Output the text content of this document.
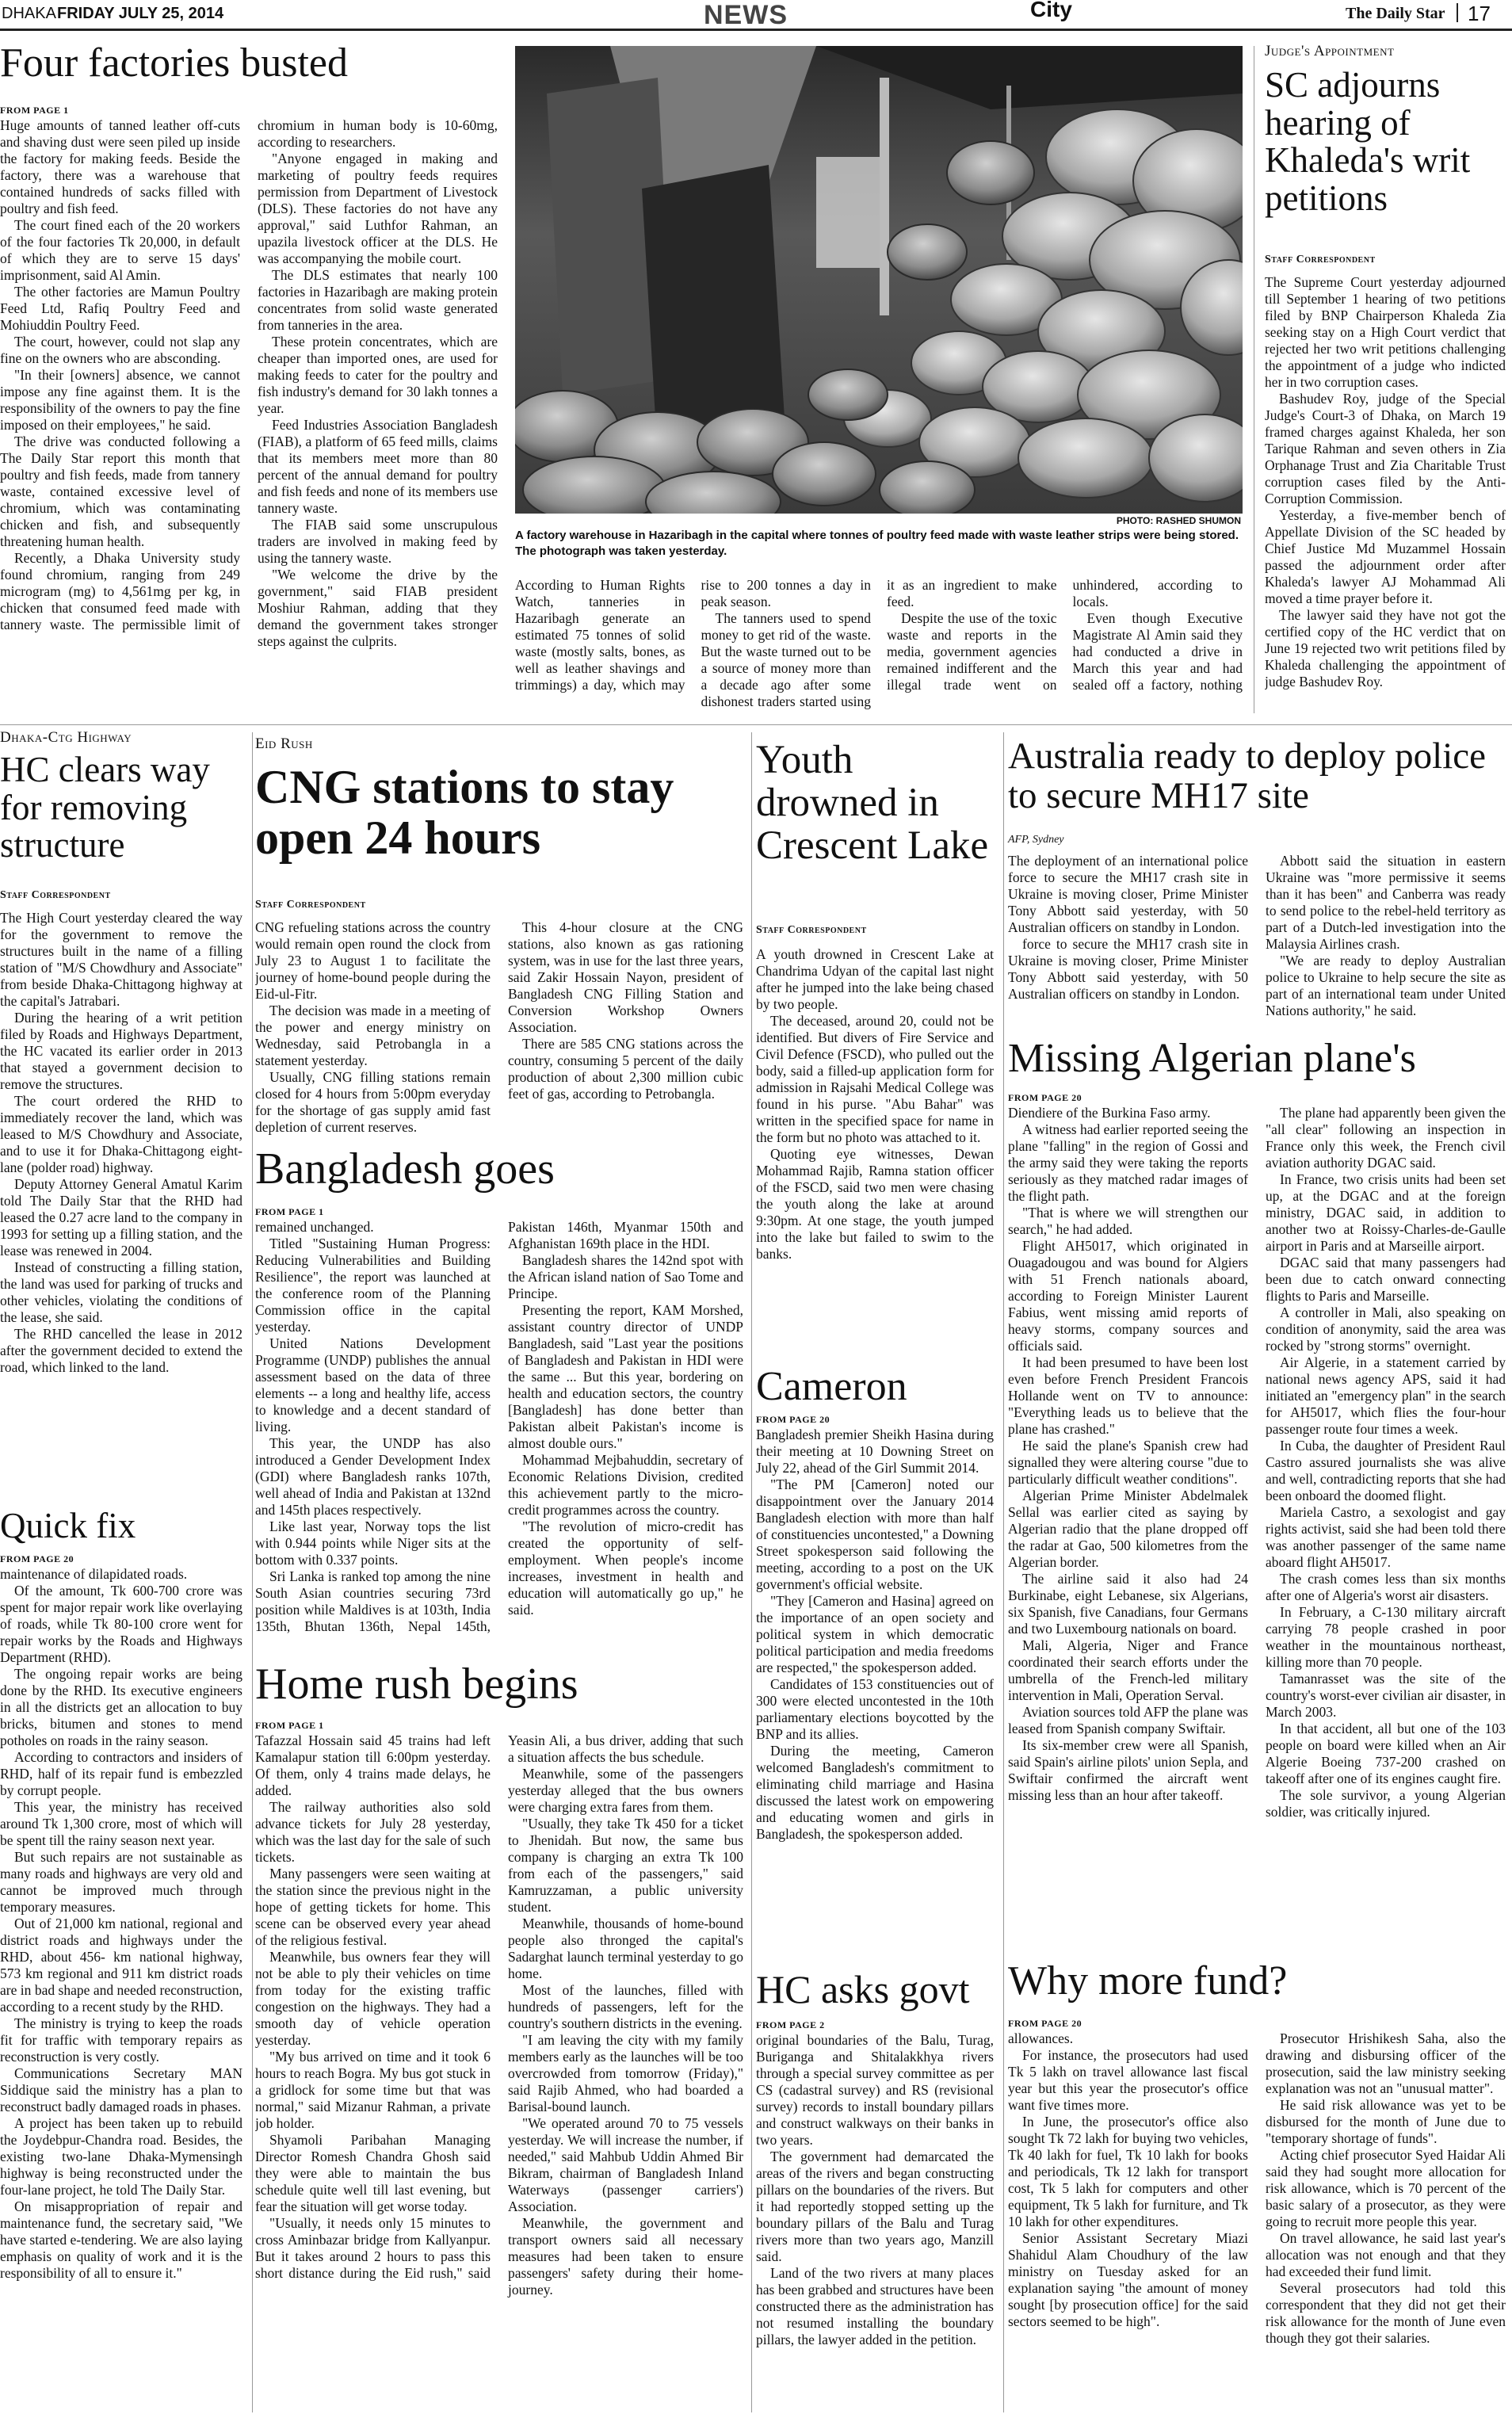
DHAKA FRIDAY JULY 25, 2014	NEWS	City	The Daily Star 17
Four factories busted
FROM PAGE 1

Huge amounts of tanned leather off-cuts and shaving dust were seen piled up inside the factory for making feeds. Beside the factory, there was a warehouse that contained hundreds of sacks filled with poultry and fish feed.

The court fined each of the 20 workers of the four factories Tk 20,000, in default of which they are to serve 15 days' imprisonment, said Al Amin.

The other factories are Mamun Poultry Feed Ltd, Rafiq Poultry Feed and Mohiuddin Poultry Feed.

The court, however, could not slap any fine on the owners who are absconding.

"In their [owners] absence, we cannot impose any fine against them. It is the responsibility of the owners to pay the fine imposed on their employees," he said.

The drive was conducted following a The Daily Star report this month that poultry and fish feeds, made from tannery waste, contained excessive level of chromium, which was contaminating chicken and fish, and subsequently threatening human health.

Recently, a Dhaka University study found chromium, ranging from 249 microgram (mg) to 4,561mg per kg, in chicken that consumed feed made with tannery waste. The permissible limit of chromium in human body is 10-60mg, according to researchers.

"Anyone engaged in making and marketing of poultry feeds requires permission from Department of Livestock (DLS). These factories do not have any approval," said Luthfor Rahman, an upazila livestock officer at the DLS. He was accompanying the mobile court.

The DLS estimates that nearly 100 factories in Hazaribagh are making protein concentrates from solid waste generated from tanneries in the area.

These protein concentrates, which are cheaper than imported ones, are used for making feeds to cater for the poultry and fish industry's demand for 30 lakh tonnes a year.

Feed Industries Association Bangladesh (FIAB), a platform of 65 feed mills, claims that its members meet more than 80 percent of the annual demand for poultry and fish feeds and none of its members use tannery waste.

The FIAB said some unscrupulous traders are involved in making feed by using the tannery waste.

"We welcome the drive by the government," said FIAB president Moshiur Rahman, adding that they demand the government takes stronger steps against the culprits.

PHOTO: RASHED SHUMON
A factory warehouse in Hazaribagh in the capital where tonnes of poultry feed made with waste leather strips were being stored. The photograph was taken yesterday.

According to Human Rights Watch, tanneries in Hazaribagh generate an estimated 75 tonnes of solid waste (mostly salts, bones, as well as leather shavings and trimmings) a day, which may rise to 200 tonnes a day in peak season.

The tanners used to spend money to get rid of the waste. But the waste turned out to be a source of money more than a decade ago after some dishonest traders started using it as an ingredient to make feed.

Despite the use of the toxic waste and reports in the media, government agencies remained indifferent and the illegal trade went on unhindered, according to locals.

Even though Executive Magistrate Al Amin said they had conducted a drive in March this year and had sealed off a factory, nothing

Judge's Appointment
SC adjourns hearing of Khaleda's writ petitions
Staff Correspondent

The Supreme Court yesterday adjourned till September 1 hearing of two petitions filed by BNP Chairperson Khaleda Zia seeking stay on a High Court verdict that rejected her two writ petitions challenging the appointment of a judge who indicted her in two corruption cases.

Bashudev Roy, judge of the Special Judge's Court-3 of Dhaka, on March 19 framed charges against Khaleda, her son Tarique Rahman and seven others in Zia Orphanage Trust and Zia Charitable Trust corruption cases filed by the Anti-Corruption Commission.

Yesterday, a five-member bench of Appellate Division of the SC headed by Chief Justice Md Muzammel Hossain passed the adjournment order after Khaleda's lawyer AJ Mohammad Ali moved a time prayer before it.

The lawyer said they have not got the certified copy of the HC verdict that on June 19 rejected two writ petitions filed by Khaleda challenging the appointment of judge Bashudev Roy.

Dhaka-Ctg Highway
HC clears way for removing structure
Staff Correspondent

The High Court yesterday cleared the way for the government to remove the structures built in the name of a filling station of "M/S Chowdhury and Associate" from beside Dhaka-Chittagong highway at the capital's Jatrabari.

During the hearing of a writ petition filed by Roads and Highways Department, the HC vacated its earlier order in 2013 that stayed a government decision to remove the structures.

The court ordered the RHD to immediately recover the land, which was leased to M/S Chowdhury and Associate, and to use it for Dhaka-Chittagong eight-lane (polder road) highway.

Deputy Attorney General Amatul Karim told The Daily Star that the RHD had leased the 0.27 acre land to the company in 1993 for setting up a filling station, and the lease was renewed in 2004.

Instead of constructing a filling station, the land was used for parking of trucks and other vehicles, violating the conditions of the lease, she said.

The RHD cancelled the lease in 2012 after the government decided to extend the road, which linked to the land.

Quick fix
FROM PAGE 20

maintenance of dilapidated roads.

Of the amount, Tk 600-700 crore was spent for major repair work like overlaying of roads, while Tk 80-100 crore went for repair works by the Roads and Highways Department (RHD).

The ongoing repair works are being done by the RHD. Its executive engineers in all the districts get an allocation to buy bricks, bitumen and stones to mend potholes on roads in the rainy season.

According to contractors and insiders of RHD, half of its repair fund is embezzled by corrupt people.

This year, the ministry has received around Tk 1,300 crore, most of which will be spent till the rainy season next year.

But such repairs are not sustainable as many roads and highways are very old and cannot be improved much through temporary measures.

Out of 21,000 km national, regional and district roads and highways under the RHD, about 456- km national highway, 573 km regional and 911 km district roads are in bad shape and needed reconstruction, according to a recent study by the RHD.

The ministry is trying to keep the roads fit for traffic with temporary repairs as reconstruction is very costly.

Communications Secretary MAN Siddique said the ministry has a plan to reconstruct badly damaged roads in phases.

A project has been taken up to rebuild the Joydebpur-Chandra road. Besides, the existing two-lane Dhaka-Mymensingh highway is being reconstructed under the four-lane project, he told The Daily Star.

On misappropriation of repair and maintenance fund, the secretary said, "We have started e-tendering. We are also laying emphasis on quality of work and it is the responsibility of all to ensure it."

Eid Rush
CNG stations to stay open 24 hours
Staff Correspondent

CNG refueling stations across the country would remain open round the clock from July 23 to August 1 to facilitate the journey of home-bound people during the Eid-ul-Fitr.

The decision was made in a meeting of the power and energy ministry on Wednesday, said Petrobangla in a statement yesterday.

Usually, CNG filling stations remain closed for 4 hours from 5:00pm everyday for the shortage of gas supply amid fast depletion of current reserves.

This 4-hour closure at the CNG stations, also known as gas rationing system, was in use for the last three years, said Zakir Hossain Nayon, president of Bangladesh CNG Filling Station and Conversion Workshop Owners Association.

There are 585 CNG stations across the country, consuming 5 percent of the daily production of about 2,300 million cubic feet of gas, according to Petrobangla.

Bangladesh goes
FROM PAGE 1

remained unchanged.

Titled "Sustaining Human Progress: Reducing Vulnerabilities and Building Resilience", the report was launched at the conference room of the Planning Commission office in the capital yesterday.

United Nations Development Programme (UNDP) publishes the annual assessment based on the data of three elements -- a long and healthy life, access to knowledge and a decent standard of living.

This year, the UNDP has also introduced a Gender Development Index (GDI) where Bangladesh ranks 107th, well ahead of India and Pakistan at 132nd and 145th places respectively.

Like last year, Norway tops the list with 0.944 points while Niger sits at the bottom with 0.337 points.

Sri Lanka is ranked top among the nine South Asian countries securing 73rd position while Maldives is at 103th, India 135th, Bhutan 136th, Nepal 145th, Pakistan 146th, Myanmar 150th and Afghanistan 169th place in the HDI.

Bangladesh shares the 142nd spot with the African island nation of Sao Tome and Principe.

Presenting the report, KAM Morshed, assistant country director of UNDP Bangladesh, said "Last year the positions of Bangladesh and Pakistan in HDI were the same ... But this year, bordering on health and education sectors, the country [Bangladesh] has done better than Pakistan albeit Pakistan's income is almost double ours."

Mohammad Mejbahuddin, secretary of Economic Relations Division, credited this achievement partly to the micro-credit programmes across the country.

"The revolution of micro-credit has created the opportunity of self-employment. When people's income increases, investment in health and education will automatically go up," he said.

Home rush begins
FROM PAGE 1

Tafazzal Hossain said 45 trains had left Kamalapur station till 6:00pm yesterday. Of them, only 4 trains made delays, he added.

The railway authorities also sold advance tickets for July 28 yesterday, which was the last day for the sale of such tickets.

Many passengers were seen waiting at the station since the previous night in the hope of getting tickets for home. This scene can be observed every year ahead of the religious festival.

Meanwhile, bus owners fear they will not be able to ply their vehicles on time from today for the existing traffic congestion on the highways. They had a smooth day of vehicle operation yesterday.

"My bus arrived on time and it took 6 hours to reach Bogra. My bus got stuck in a gridlock for some time but that was normal," said Mizanur Rahman, a private job holder.

Shyamoli Paribahan Managing Director Romesh Chandra Ghosh said they were able to maintain the bus schedule quite well till last evening, but fear the situation will get worse today.

"Usually, it needs only 15 minutes to cross Aminbazar bridge from Kallyanpur. But it takes around 2 hours to pass this short distance during the Eid rush," said Yeasin Ali, a bus driver, adding that such a situation affects the bus schedule.

Meanwhile, some of the passengers yesterday alleged that the bus owners were charging extra fares from them.

"Usually, they take Tk 450 for a ticket to Jhenidah. But now, the same bus company is charging an extra Tk 100 from each of the passengers," said Kamruzzaman, a public university student.

Meanwhile, thousands of home-bound people also thronged the capital's Sadarghat launch terminal yesterday to go home.

Most of the launches, filled with hundreds of passengers, left for the country's southern districts in the evening.

"I am leaving the city with my family members early as the launches will be too overcrowded from tomorrow (Friday)," said Rajib Ahmed, who had boarded a Barisal-bound launch.

"We operated around 70 to 75 vessels yesterday. We will increase the number, if needed," said Mahbub Uddin Ahmed Bir Bikram, chairman of Bangladesh Inland Waterways (passenger carriers') Association.

Meanwhile, the government and transport owners said all necessary measures had been taken to ensure passengers' safety during their home-journey.

Youth drowned in Crescent Lake
Staff Correspondent

A youth drowned in Crescent Lake at Chandrima Udyan of the capital last night after he jumped into the lake being chased by two people.

The deceased, around 20, could not be identified. But divers of Fire Service and Civil Defence (FSCD), who pulled out the body, said a filled-up application form for admission in Rajsahi Medical College was found in his purse. "Abu Bahar" was written in the specified space for name in the form but no photo was attached to it.

Quoting eye witnesses, Dewan Mohammad Rajib, Ramna station officer of the FSCD, said two men were chasing the youth along the lake at around 9:30pm. At one stage, the youth jumped into the lake but failed to swim to the banks.

Cameron
FROM PAGE 20

Bangladesh premier Sheikh Hasina during their meeting at 10 Downing Street on July 22, ahead of the Girl Summit 2014.

"The PM [Cameron] noted our disappointment over the January 2014 Bangladesh election with more than half of constituencies uncontested," a Downing Street spokesperson said following the meeting, according to a post on the UK government's official website.

"They [Cameron and Hasina] agreed on the importance of an open society and political system in which democratic political participation and media freedoms are respected," the spokesperson added.

Candidates of 153 constituencies out of 300 were elected uncontested in the 10th parliamentary elections boycotted by the BNP and its allies.

During the meeting, Cameron welcomed Bangladesh's commitment to eliminating child marriage and Hasina discussed the latest work on empowering and educating women and girls in Bangladesh, the spokesperson added.

HC asks govt
FROM PAGE 2

original boundaries of the Balu, Turag, Buriganga and Shitalakkhya rivers through a special survey committee as per CS (cadastral survey) and RS (revisional survey) records to install boundary pillars and construct walkways on their banks in two years.

The government had demarcated the areas of the rivers and began constructing pillars on the boundaries of the rivers. But it had reportedly stopped setting up the boundary pillars of the Balu and Turag rivers more than two years ago, Manzill said.

Land of the two rivers at many places has been grabbed and structures have been constructed there as the administration has not resumed installing the boundary pillars, the lawyer added in the petition.

Australia ready to deploy police to secure MH17 site
AFP, Sydney

The deployment of an international police force to secure the MH17 crash site in Ukraine is moving closer, Prime Minister Tony Abbott said yesterday, with 50 Australian officers on standby in London.

force to secure the MH17 crash site in Ukraine is moving closer, Prime Minister Tony Abbott said yesterday, with 50 Australian officers on standby in London.

Abbott said the situation in eastern Ukraine was "more permissive it seems than it has been" and Canberra was ready to send police to the rebel-held territory as part of a Dutch-led investigation into the Malaysia Airlines crash.

"We are ready to deploy Australian police to Ukraine to help secure the site as part of an international team under United Nations authority," he said.

Missing Algerian plane's
FROM PAGE 20

Diendiere of the Burkina Faso army.

A witness had earlier reported seeing the plane "falling" in the region of Gossi and the army said they were taking the reports seriously as they matched radar images of the flight path.

"That is where we will strengthen our search," he had added.

Flight AH5017, which originated in Ouagadougou and was bound for Algiers with 51 French nationals aboard, according to Foreign Minister Laurent Fabius, went missing amid reports of heavy storms, company sources and officials said.

It had been presumed to have been lost even before French President Francois Hollande went on TV to announce: "Everything leads us to believe that the plane has crashed."

He said the plane's Spanish crew had signalled they were altering course "due to particularly difficult weather conditions".

Algerian Prime Minister Abdelmalek Sellal was earlier cited as saying by Algerian radio that the plane dropped off the radar at Gao, 500 kilometres from the Algerian border.

The airline said it also had 24 Burkinabe, eight Lebanese, six Algerians, six Spanish, five Canadians, four Germans and two Luxembourg nationals on board.

Mali, Algeria, Niger and France coordinated their search efforts under the umbrella of the French-led military intervention in Mali, Operation Serval.

Aviation sources told AFP the plane was leased from Spanish company Swiftair.

Its six-member crew were all Spanish, said Spain's airline pilots' union Sepla, and Swiftair confirmed the aircraft went missing less than an hour after takeoff.

The plane had apparently been given the "all clear" following an inspection in France only this week, the French civil aviation authority DGAC said.

In France, two crisis units had been set up, at the DGAC and at the foreign ministry, DGAC said, in addition to another two at Roissy-Charles-de-Gaulle airport in Paris and at Marseille airport.

DGAC said that many passengers had been due to catch onward connecting flights to Paris and Marseille.

A controller in Mali, also speaking on condition of anonymity, said the area was rocked by "strong storms" overnight.

Air Algerie, in a statement carried by national news agency APS, said it had initiated an "emergency plan" in the search for AH5017, which flies the four-hour passenger route four times a week.

In Cuba, the daughter of President Raul Castro assured journalists she was alive and well, contradicting reports that she had been onboard the doomed flight.

Mariela Castro, a sexologist and gay rights activist, said she had been told there was another passenger of the same name aboard flight AH5017.

The crash comes less than six months after one of Algeria's worst air disasters.

In February, a C-130 military aircraft carrying 78 people crashed in poor weather in the mountainous northeast, killing more than 70 people.

Tamanrasset was the site of the country's worst-ever civilian air disaster, in March 2003.

In that accident, all but one of the 103 people on board were killed when an Air Algerie Boeing 737-200 crashed on takeoff after one of its engines caught fire.

The sole survivor, a young Algerian soldier, was critically injured.

Why more fund?
FROM PAGE 20

allowances.

For instance, the prosecutors had used Tk 5 lakh on travel allowance last fiscal year but this year the prosecutor's office want five times more.

In June, the prosecutor's office also sought Tk 72 lakh for buying two vehicles, Tk 40 lakh for fuel, Tk 10 lakh for books and periodicals, Tk 12 lakh for transport cost, Tk 5 lakh for computers and other equipment, Tk 5 lakh for furniture, and Tk 10 lakh for other expenditures.

Senior Assistant Secretary Miazi Shahidul Alam Choudhury of the law ministry on Tuesday asked for an explanation saying "the amount of money sought [by prosecution office] for the said sectors seemed to be high".

Prosecutor Hrishikesh Saha, also the drawing and disbursing officer of the prosecution, said the law ministry seeking explanation was not an "unusual matter".

He said risk allowance was yet to be disbursed for the month of June due to "temporary shortage of funds".

Acting chief prosecutor Syed Haidar Ali said they had sought more allocation for risk allowance, which is 70 percent of the basic salary of a prosecutor, as they were going to recruit more people this year.

On travel allowance, he said last year's allocation was not enough and that they had exceeded their fund limit.

Several prosecutors had told this correspondent that they did not get their risk allowance for the month of June even though they got their salaries.
